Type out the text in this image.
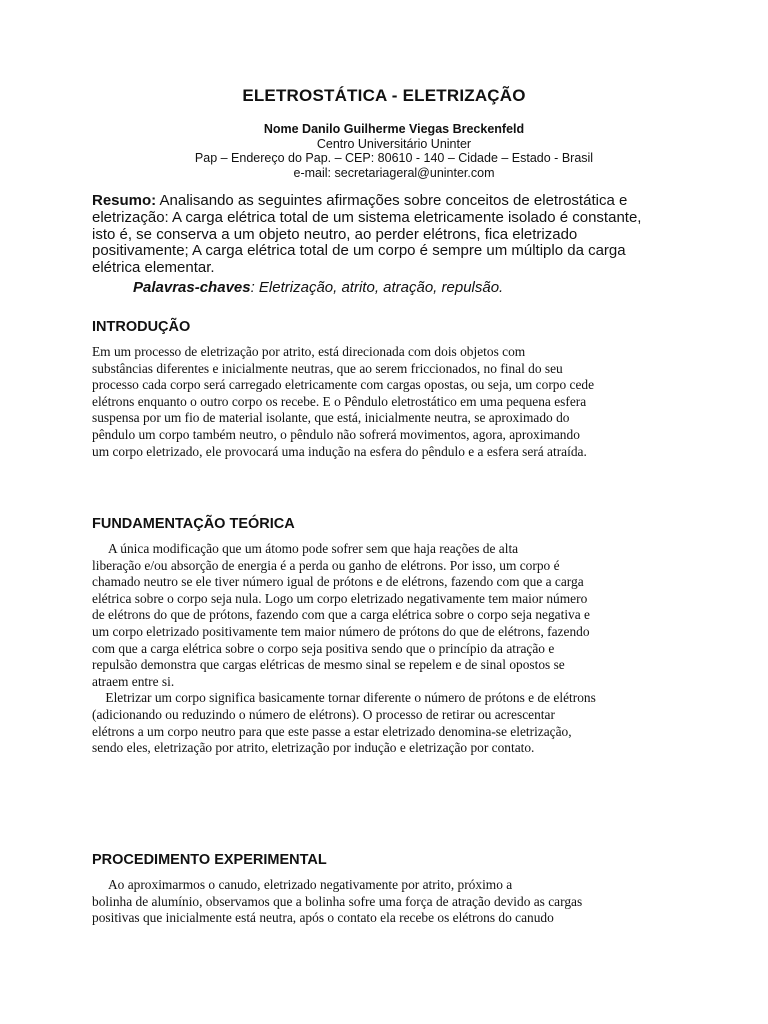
ELETROSTÁTICA - ELETRIZAÇÃO
Nome Danilo Guilherme Viegas Breckenfeld
Centro Universitário Uninter
Pap – Endereço do Pap. – CEP: 80610 - 140 – Cidade – Estado - Brasil
e-mail: secretariageral@uninter.com
Resumo: Analisando as seguintes afirmações sobre conceitos de eletrostática e
eletrização: A carga elétrica total de um sistema eletricamente isolado é constante,
isto é, se conserva a um objeto neutro, ao perder elétrons, fica eletrizado
positivamente; A carga elétrica total de um corpo é sempre um múltiplo da carga
elétrica elementar.
Palavras-chaves: Eletrização, atrito, atração, repulsão.
INTRODUÇÃO
Em um processo de eletrização por atrito, está direcionada com dois objetos com
substâncias diferentes e inicialmente neutras, que ao serem friccionados, no final do seu
processo cada corpo será carregado eletricamente com cargas opostas, ou seja, um corpo cede
elétrons enquanto o outro corpo os recebe. E o Pêndulo eletrostático em uma pequena esfera
suspensa por um fio de material isolante, que está, inicialmente neutra, se aproximado do
pêndulo um corpo também neutro, o pêndulo não sofrerá movimentos, agora, aproximando
um corpo eletrizado, ele provocará uma indução na esfera do pêndulo e a esfera será atraída.
FUNDAMENTAÇÃO TEÓRICA
A única modificação que um átomo pode sofrer sem que haja reações de alta
liberação e/ou absorção de energia é a perda ou ganho de elétrons. Por isso, um corpo é
chamado neutro se ele tiver número igual de prótons e de elétrons, fazendo com que a carga
elétrica sobre o corpo seja nula. Logo um corpo eletrizado negativamente tem maior número
de elétrons do que de prótons, fazendo com que a carga elétrica sobre o corpo seja negativa e
um corpo eletrizado positivamente tem maior número de prótons do que de elétrons, fazendo
com que a carga elétrica sobre o corpo seja positiva sendo que o princípio da atração e
repulsão demonstra que cargas elétricas de mesmo sinal se repelem e de sinal opostos se
atraem entre si.
Eletrizar um corpo significa basicamente tornar diferente o número de prótons e de elétrons
(adicionando ou reduzindo o número de elétrons). O processo de retirar ou acrescentar
elétrons a um corpo neutro para que este passe a estar eletrizado denomina-se eletrização,
sendo eles, eletrização por atrito, eletrização por indução e eletrização por contato.
PROCEDIMENTO EXPERIMENTAL
Ao aproximarmos o canudo, eletrizado negativamente por atrito, próximo a
bolinha de alumínio, observamos que a bolinha sofre uma força de atração devido as cargas
positivas que inicialmente está neutra, após o contato ela recebe os elétrons do canudo
